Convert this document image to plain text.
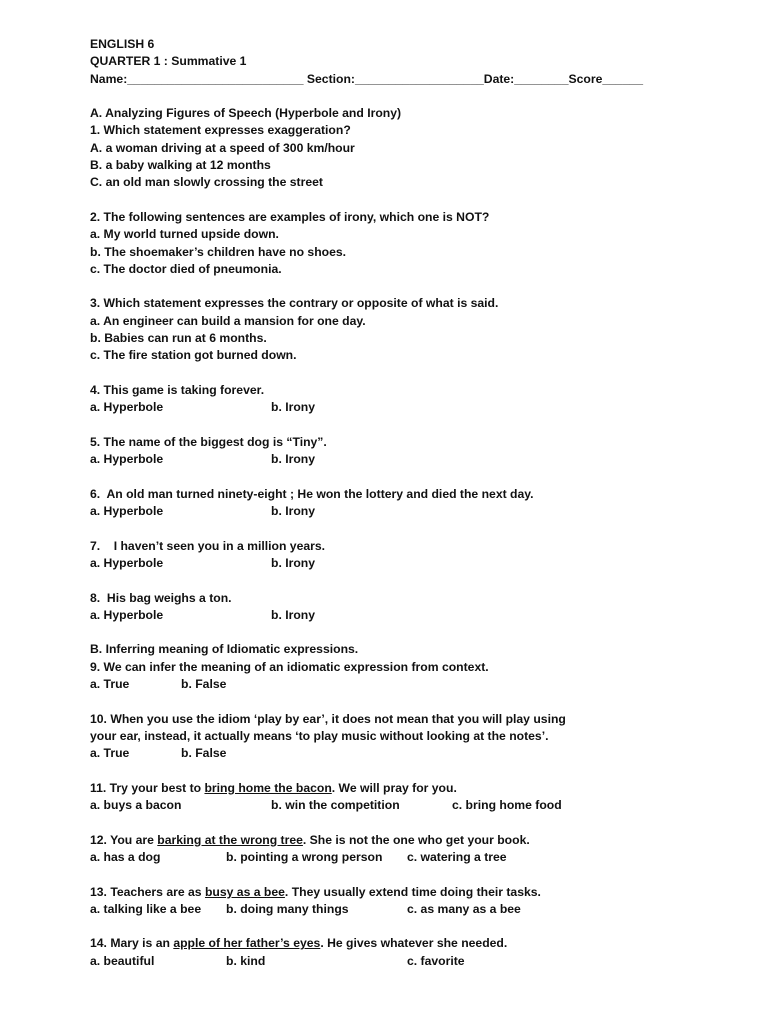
ENGLISH 6
QUARTER 1 : Summative 1
Name:__________________________ Section:___________________Date:________Score______
A. Analyzing Figures of Speech (Hyperbole and Irony)
1. Which statement expresses exaggeration?
A. a woman driving at a speed of 300 km/hour
B. a baby walking at 12 months
C. an old man slowly crossing the street
2. The following sentences are examples of irony, which one is NOT?
a. My world turned upside down.
b. The shoemaker’s children have no shoes.
c. The doctor died of pneumonia.
3. Which statement expresses the contrary or opposite of what is said.
a. An engineer can build a mansion for one day.
b. Babies can run at 6 months.
c. The fire station got burned down.
4. This game is taking forever.
a. Hyperbole	b. Irony
5. The name of the biggest dog is “Tiny”.
a. Hyperbole	b. Irony
6.  An old man turned ninety-eight ; He won the lottery and died the next day.
a. Hyperbole	b. Irony
7.    I haven’t seen you in a million years.
a. Hyperbole	b. Irony
8.  His bag weighs a ton.
a. Hyperbole	b. Irony
B. Inferring meaning of Idiomatic expressions.
9. We can infer the meaning of an idiomatic expression from context.
a. True	b. False
10. When you use the idiom ‘play by ear’, it does not mean that you will play using
your ear, instead, it actually means ‘to play music without looking at the notes’.
a. True	b. False
11. Try your best to bring home the bacon. We will pray for you.
a. buys a bacon	b. win the competition	c. bring home food
12. You are barking at the wrong tree. She is not the one who get your book.
a. has a dog	b. pointing a wrong person c. watering a tree
13. Teachers are as busy as a bee. They usually extend time doing their tasks.
a. talking like a bee b. doing many things	c. as many as a bee
14. Mary is an apple of her father’s eyes. He gives whatever she needed.
a. beautiful	b. kind	c. favorite
